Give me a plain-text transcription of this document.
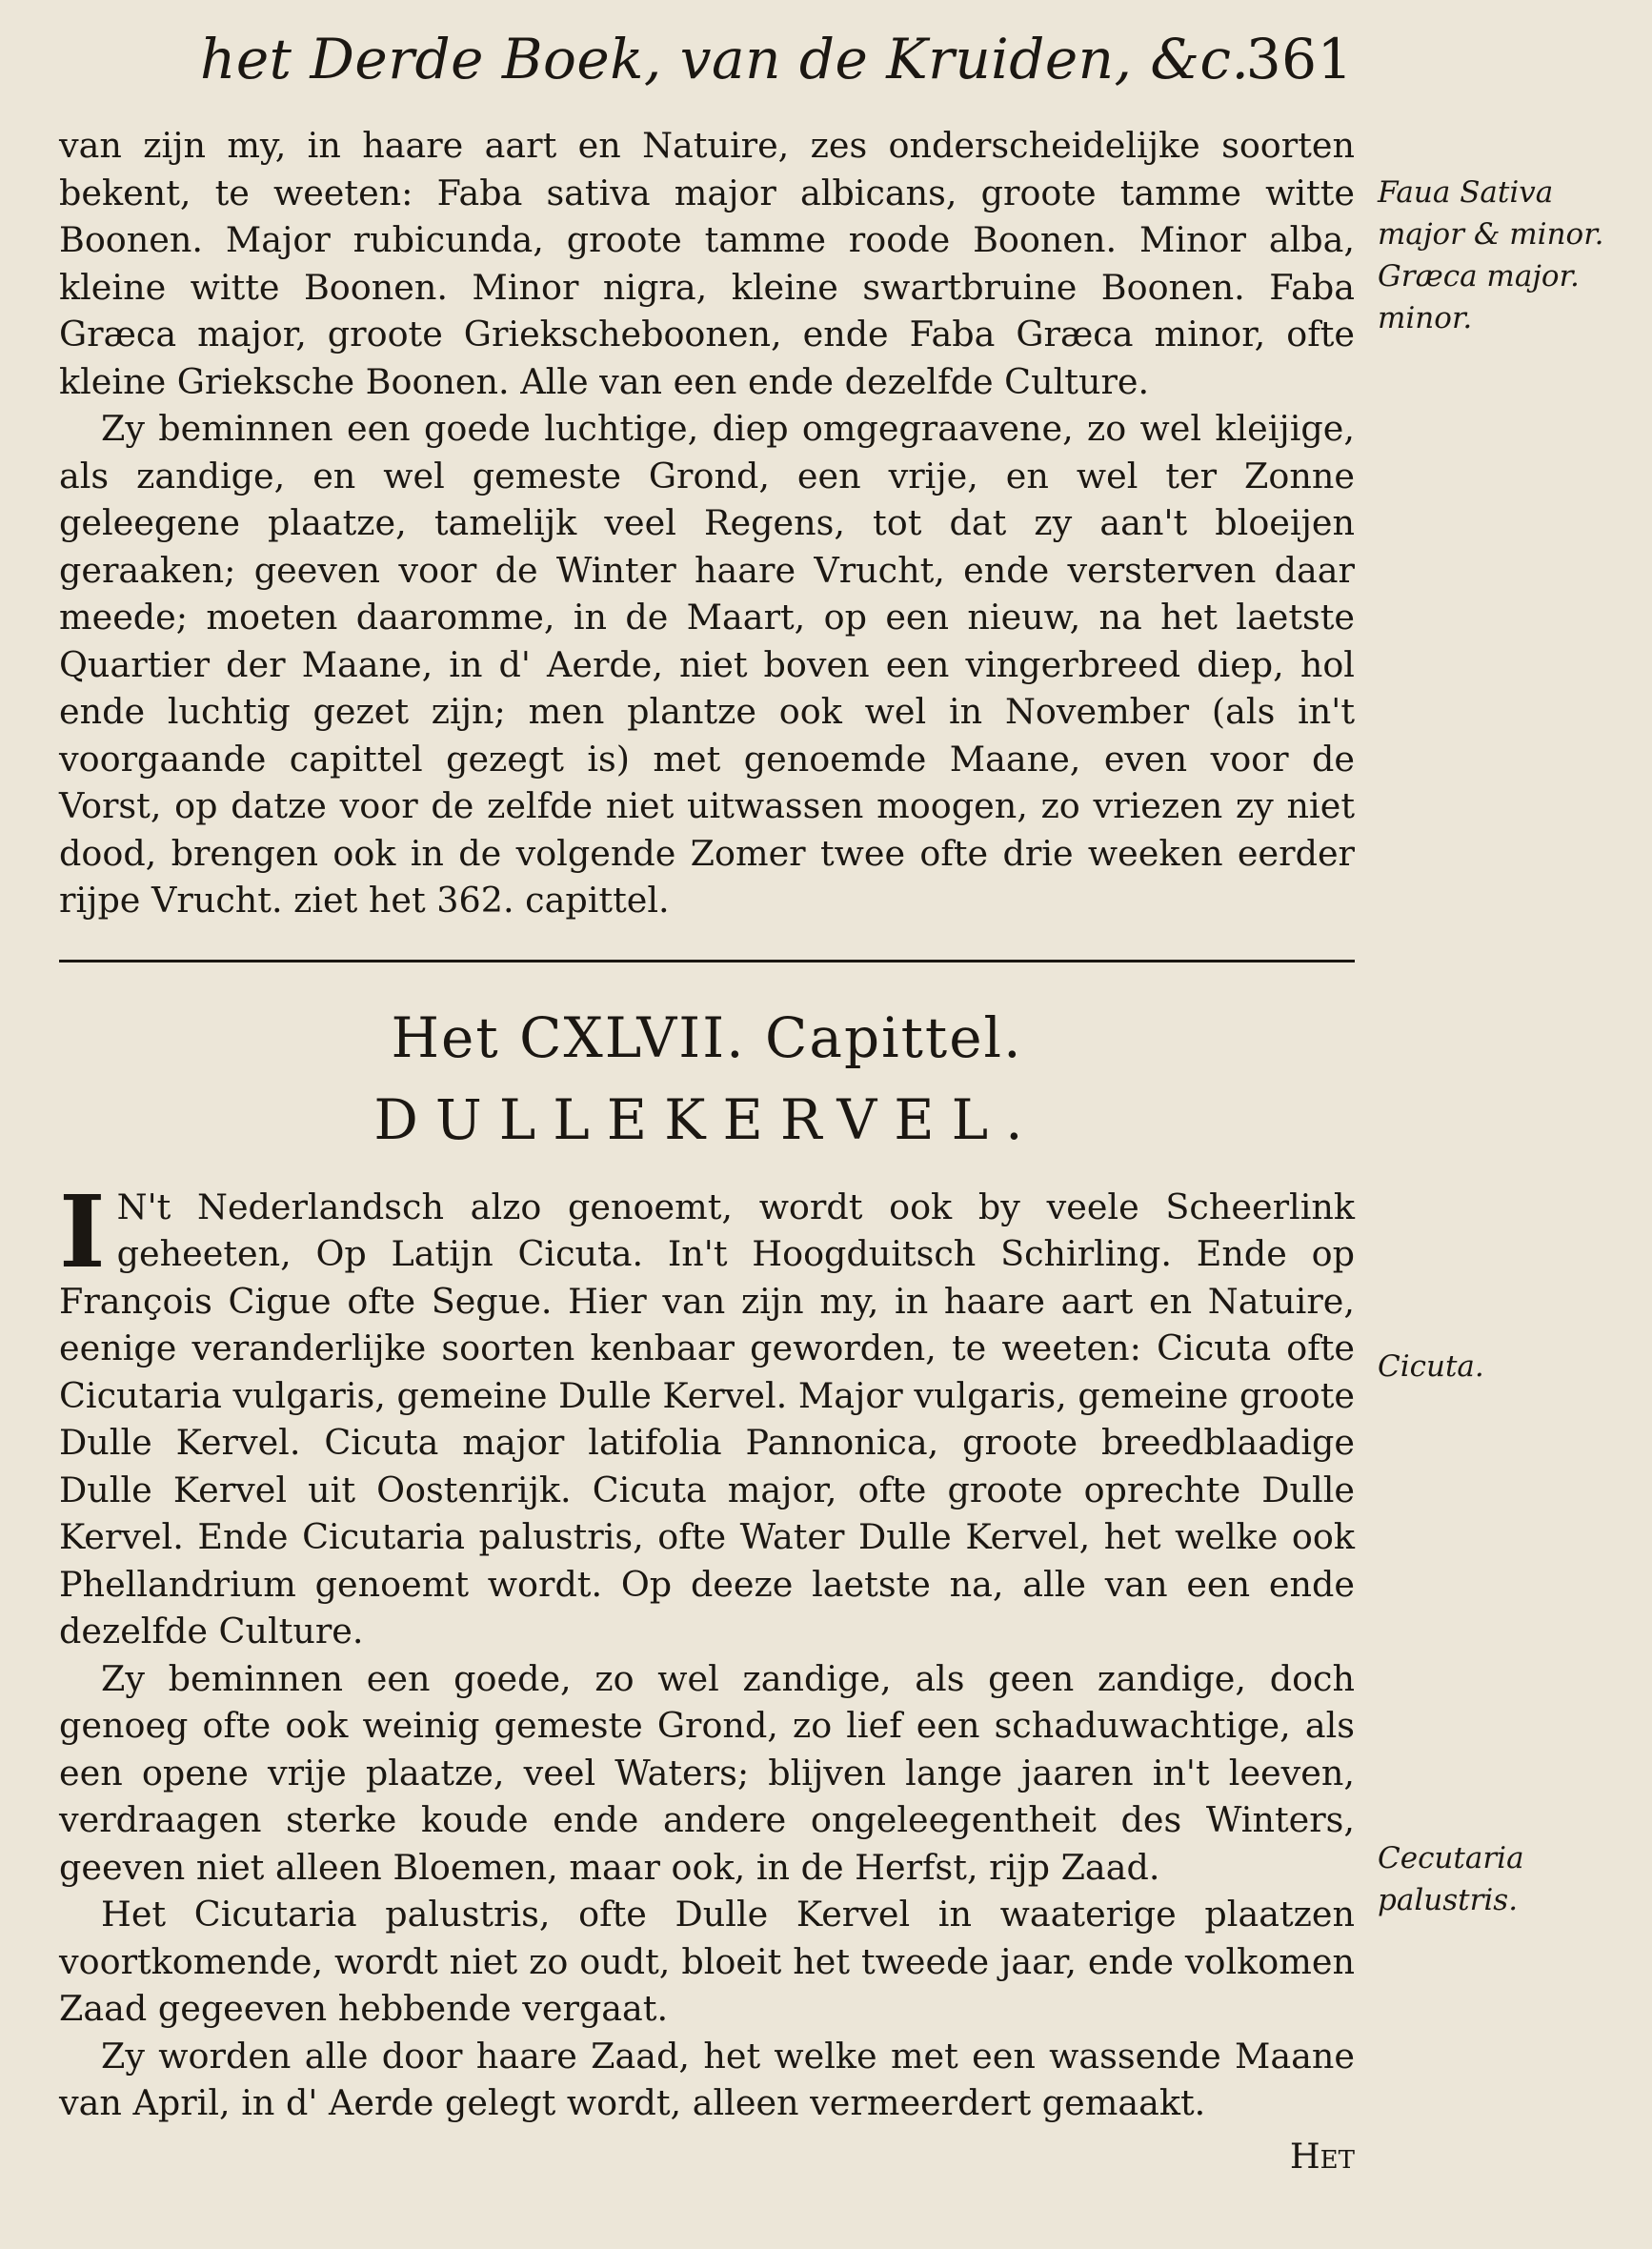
het Derde Boek, van de Kruiden, &c.
361

van zijn my, in haare aart en Natuire, zes onderscheidelijke soorten bekent, te weeten: Faba sativa major albicans, groote tamme witte Boonen. Major rubicunda, groote tamme roode Boonen. Minor alba, kleine witte Boonen. Minor nigra, kleine swartbruine Boonen. Faba Græca major, groote Griekscheboonen, ende Faba Græca minor, ofte kleine Grieksche Boonen. Alle van een ende dezelfde Culture.

Zy beminnen een goede luchtige, diep omgegraavene, zo wel kleijige, als zandige, en wel gemeste Grond, een vrije, en wel ter Zonne geleegene plaatze, tamelijk veel Regens, tot dat zy aan't bloeijen geraaken; geeven voor de Winter haare Vrucht, ende versterven daar meede; moeten daaromme, in de Maart, op een nieuw, na het laetste Quartier der Maane, in d' Aerde, niet boven een vingerbreed diep, hol ende luchtig gezet zijn; men plantze ook wel in November (als in't voorgaande capittel gezegt is) met genoemde Maane, even voor de Vorst, op datze voor de zelfde niet uitwassen moogen, zo vriezen zy niet dood, brengen ook in de volgende Zomer twee ofte drie weeken eerder rijpe Vrucht. ziet het 362. capittel.

Het CXLVII. Capittel.
DULLEKERVEL.

I N't Nederlandsch alzo genoemt, wordt ook by veele Scheerlink geheeten, Op Latijn Cicuta. In't Hoogduitsch Schirling. Ende op François Cigue ofte Segue. Hier van zijn my, in haare aart en Natuire, eenige veranderlijke soorten kenbaar geworden, te weeten: Cicuta ofte Cicutaria vulgaris, gemeine Dulle Kervel. Major vulgaris, gemeine groote Dulle Kervel. Cicuta major latifolia Pannonica, groote breedblaadige Dulle Kervel uit Oostenrijk. Cicuta major, ofte groote oprechte Dulle Kervel. Ende Cicutaria palustris, ofte Water Dulle Kervel, het welke ook Phellandrium genoemt wordt. Op deeze laetste na, alle van een ende dezelfde Culture.

Zy beminnen een goede, zo wel zandige, als geen zandige, doch genoeg ofte ook weinig gemeste Grond, zo lief een schaduwachtige, als een opene vrije plaatze, veel Waters; blijven lange jaaren in't leeven, verdraagen sterke koude ende andere ongeleegentheit des Winters, geeven niet alleen Bloemen, maar ook, in de Herfst, rijp Zaad.

Het Cicutaria palustris, ofte Dulle Kervel in waaterige plaatzen voortkomende, wordt niet zo oudt, bloeit het tweede jaar, ende volkomen Zaad gegeeven hebbende vergaat.

Zy worden alle door haare Zaad, het welke met een wassende Maane van April, in d' Aerde gelegt wordt, alleen vermeerdert gemaakt.

Het
Faua Sativa major & minor. Græca major. minor.
Cicuta.
Cecutaria palustris.
